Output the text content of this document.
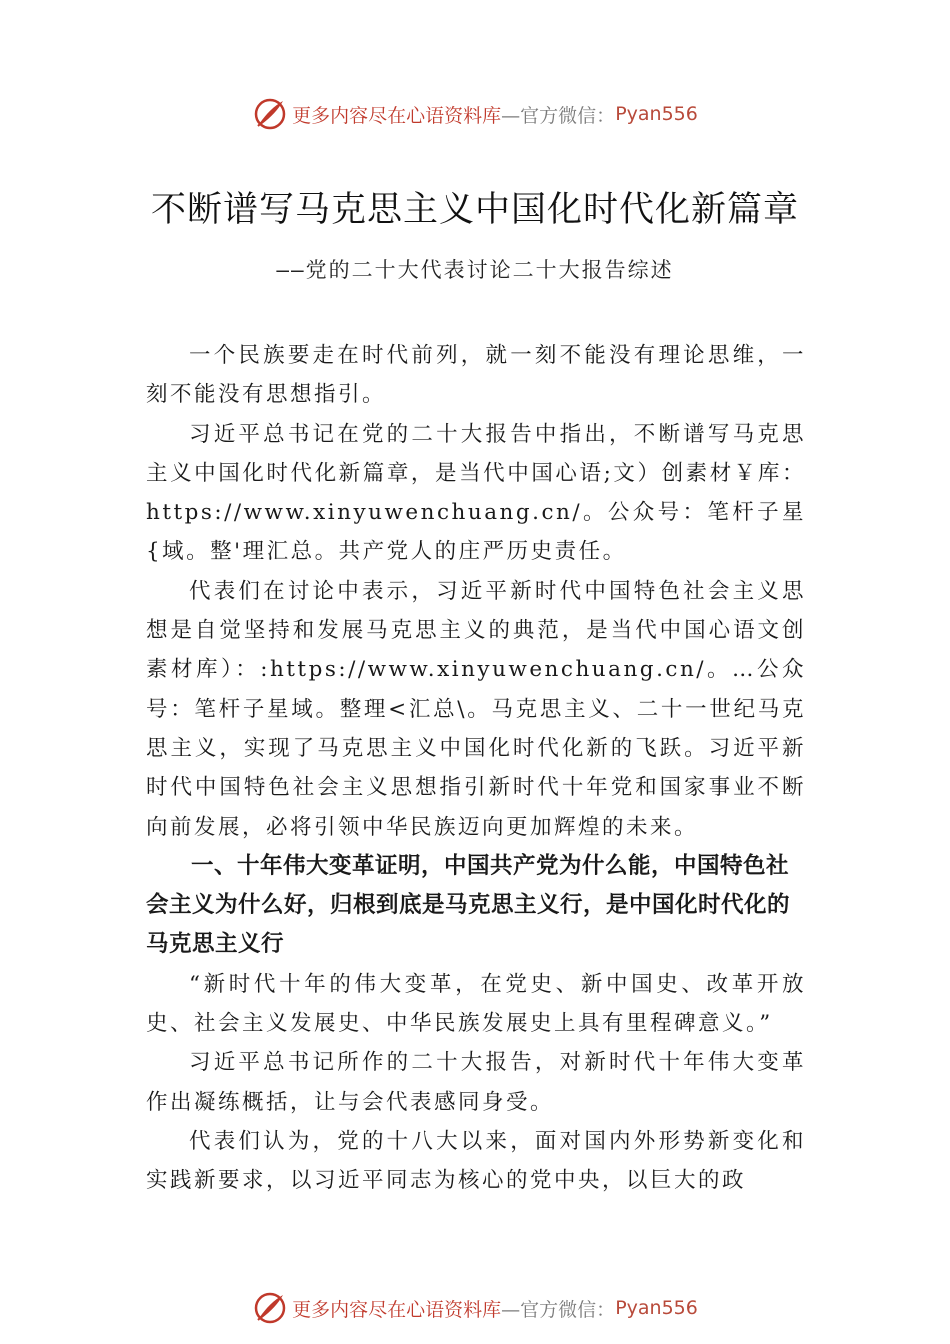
更多内容尽在心语资料库 —官方微信： Pyan556
不断谱写马克思主义中国化时代化新篇章
——党的二十大代表讨论二十大报告综述

一个民族要走在时代前列，就一刻不能没有理论思维，一刻不能没有思想指引。

习近平总书记在党的二十大报告中指出，不断谱写马克思主义中国化时代化新篇章，是当代中国心语;文）创素材￥库：https://www.xinyuwenchuang.cn/。公众号：笔杆子星{域。整'理汇总。共产党人的庄严历史责任。

代表们在讨论中表示，习近平新时代中国特色社会主义思想是自觉坚持和发展马克思主义的典范，是当代中国心语文创素材库）：:https://www.xinyuwenchuang.cn/。…公众号：笔杆子星域。整理<汇总\。马克思主义、二十一世纪马克思主义，实现了马克思主义中国化时代化新的飞跃。习近平新时代中国特色社会主义思想指引新时代十年党和国家事业不断向前发展，必将引领中华民族迈向更加辉煌的未来。

一、十年伟大变革证明，中国共产党为什么能，中国特色社会主义为什么好，归根到底是马克思主义行，是中国化时代化的马克思主义行

“新时代十年的伟大变革，在党史、新中国史、改革开放史、社会主义发展史、中华民族发展史上具有里程碑意义。”

习近平总书记所作的二十大报告，对新时代十年伟大变革作出凝练概括，让与会代表感同身受。

代表们认为，党的十八大以来，面对国内外形势新变化和实践新要求，以习近平同志为核心的党中央，以巨大的政

更多内容尽在心语资料库 —官方微信： Pyan556
